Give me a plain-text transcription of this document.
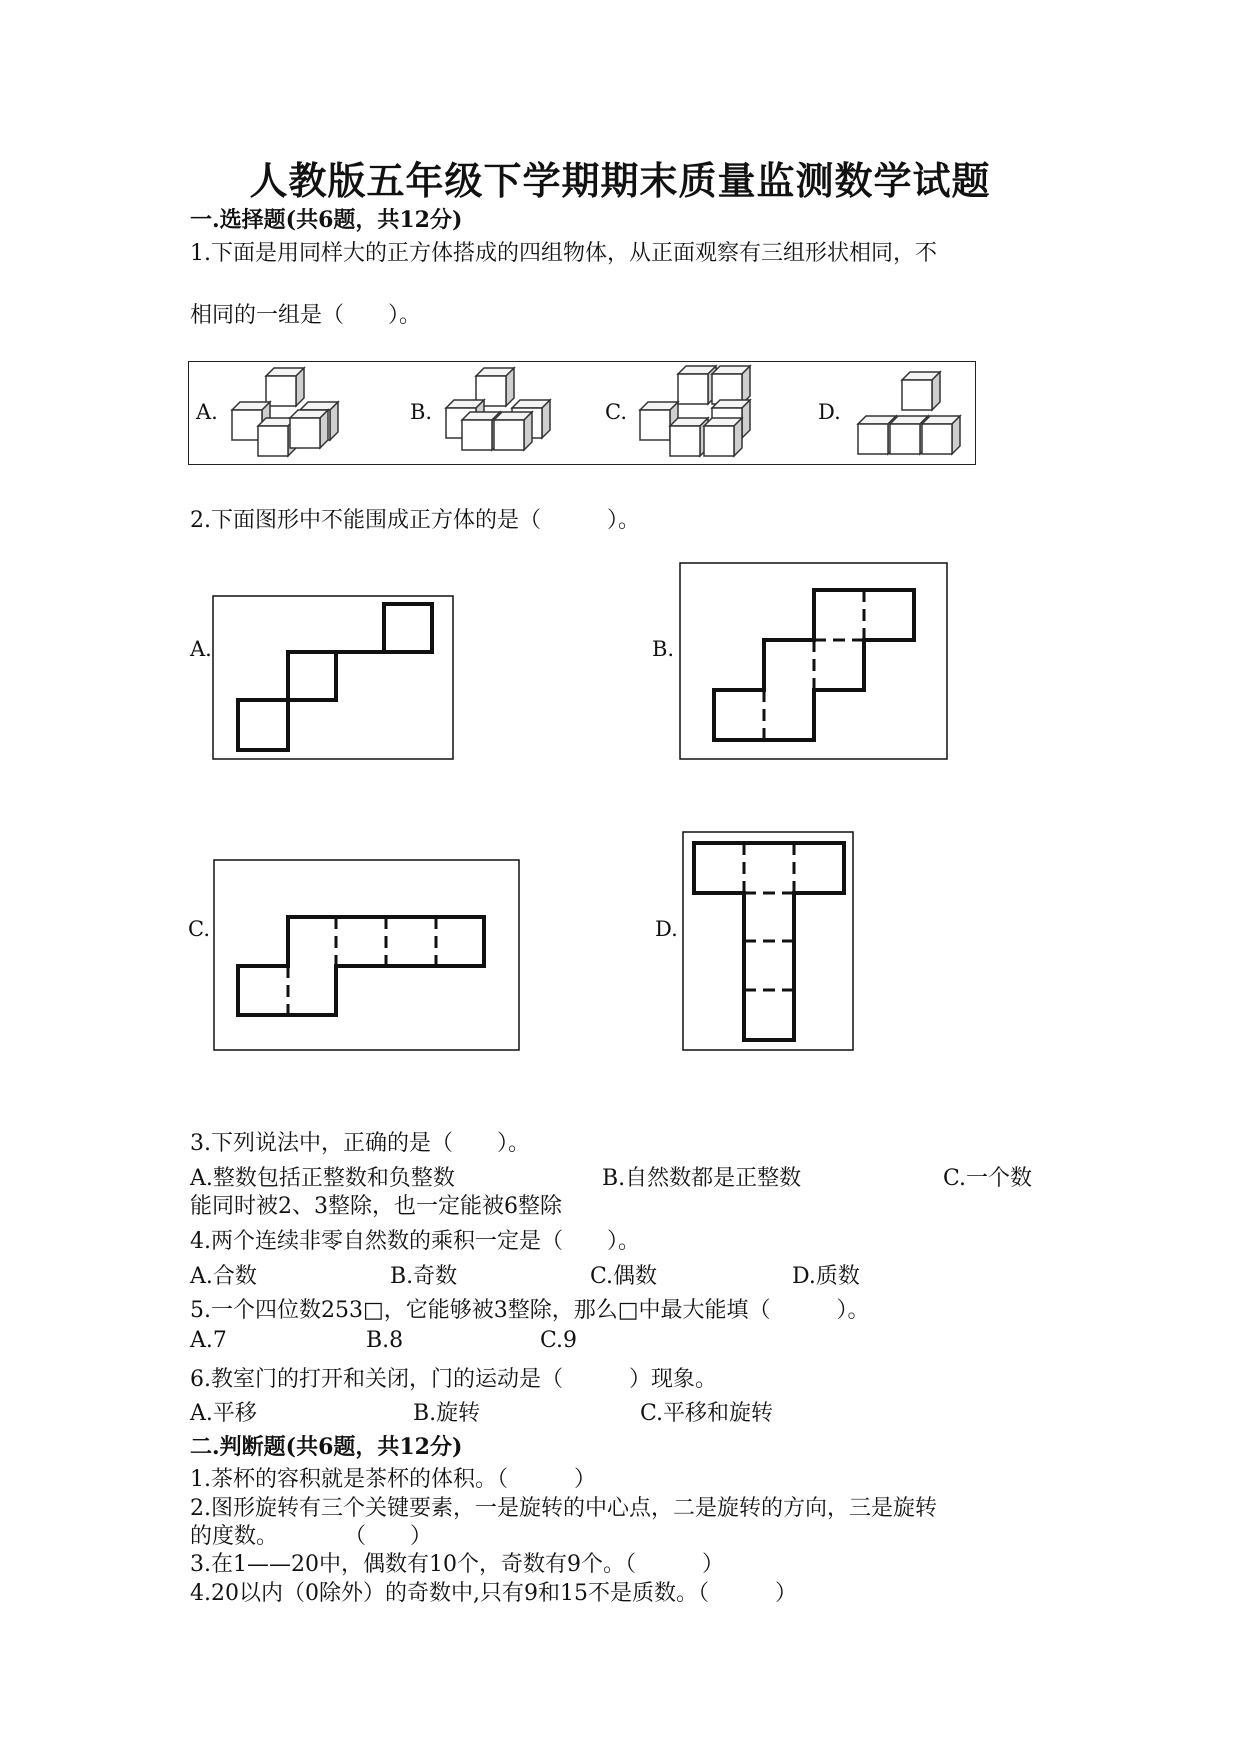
人教版五年级下学期期末质量监测数学试题
一.选择题(共6题，共12分)
1.下面是用同样大的正方体搭成的四组物体，从正面观察有三组形状相同，不
相同的一组是（　　）。
A.	B.	C.	D.
2.下面图形中不能围成正方体的是（　　　）。
A.	B.
C.	D.
3.下列说法中，正确的是（　　）。
A.整数包括正整数和负整数	B.自然数都是正整数	C.一个数
能同时被2、3整除，也一定能被6整除
4.两个连续非零自然数的乘积一定是（　　）。
A.合数	B.奇数	C.偶数	D.质数
5.一个四位数253□，它能够被3整除，那么□中最大能填（　　　）。
A.7	B.8	C.9
6.教室门的打开和关闭，门的运动是（　　　）现象。
A.平移	B.旋转	C.平移和旋转
二.判断题(共6题，共12分)
1.茶杯的容积就是茶杯的体积。（　　　）
2.图形旋转有三个关键要素，一是旋转的中心点，二是旋转的方向，三是旋转
的度数。　　　　（　　）
3.在1——20中，偶数有10个，奇数有9个。（　　　）
4.20以内（0除外）的奇数中,只有9和15不是质数。（　　　）
